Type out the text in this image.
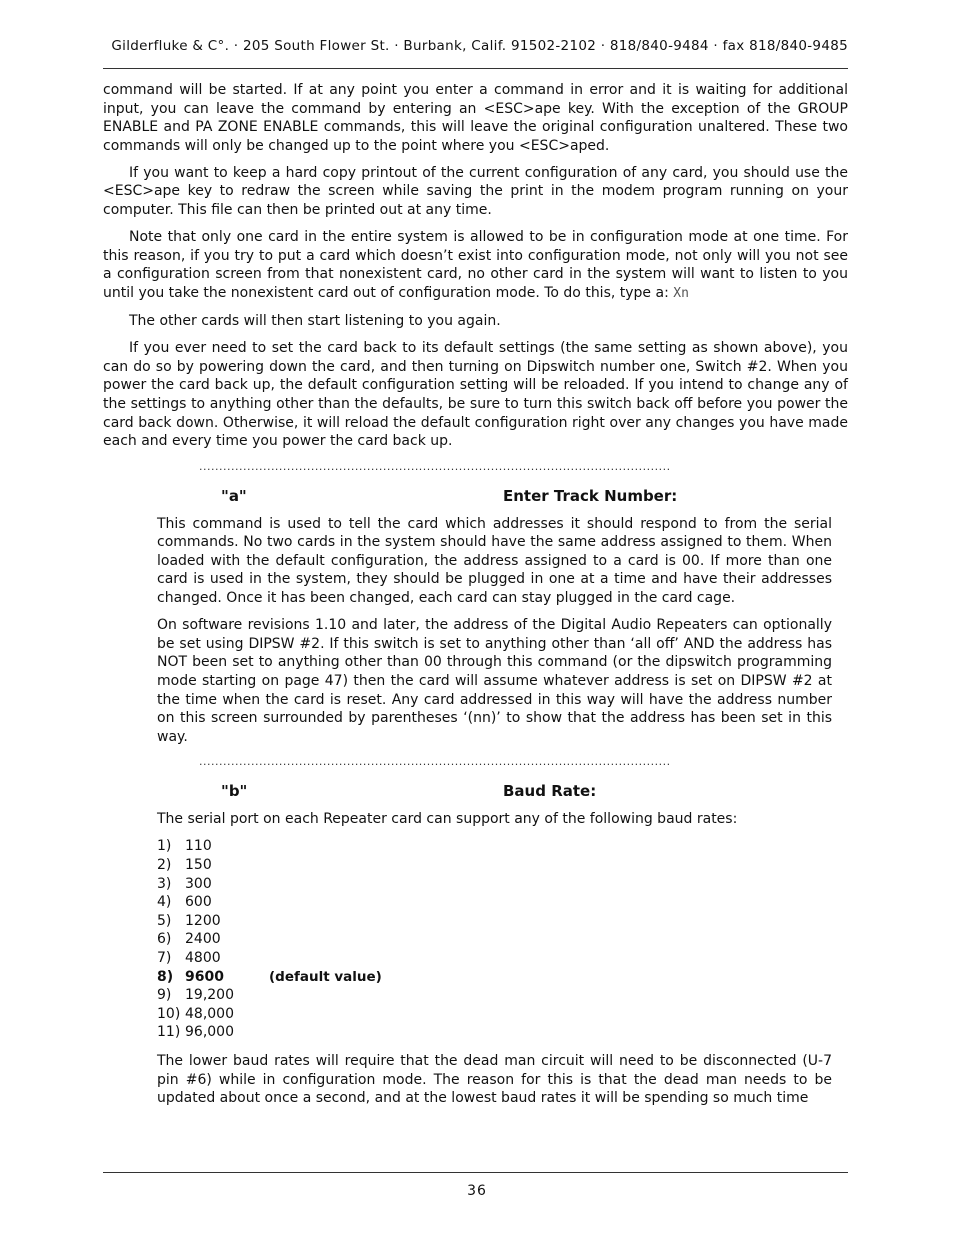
Gilderfluke & C°. · 205 South Flower St. · Burbank, Calif. 91502-2102 · 818/840-9484 · fax 818/840-9485

command will be started. If at any point you enter a command in error and it is waiting for additional input, you can leave the command by entering an <ESC>ape key. With the exception of the GROUP ENABLE and PA ZONE ENABLE commands, this will leave the original configuration unaltered. These two commands will only be changed up to the point where you <ESC>aped.

If you want to keep a hard copy printout of the current configuration of any card, you should use the <ESC>ape key to redraw the screen while saving the print in the modem program running on your computer. This file can then be printed out at any time.

Note that only one card in the entire system is allowed to be in configuration mode at one time. For this reason, if you try to put a card which doesn’t exist into configuration mode, not only will you not see a configuration screen from that nonexistent card, no other card in the system will want to listen to you until you take the nonexistent card out of configuration mode. To do this, type a: Xn

The other cards will then start listening to you again.

If you ever need to set the card back to its default settings (the same setting as shown above), you can do so by powering down the card, and then turning on Dipswitch number one, Switch #2. When you power the card back up, the default configuration setting will be reloaded. If you intend to change any of the settings to anything other than the defaults, be sure to turn this switch back off before you power the card back down. Otherwise, it will reload the default configuration right over any changes you have made each and every time you power the card back up.

......................................................................................................................
"a"	Enter Track Number:

This command is used to tell the card which addresses it should respond to from the serial commands. No two cards in the system should have the same address assigned to them. When loaded with the default configuration, the address assigned to a card is 00. If more than one card is used in the system, they should be plugged in one at a time and have their addresses changed. Once it has been changed, each card can stay plugged in the card cage.

On software revisions 1.10 and later, the address of the Digital Audio Repeaters can optionally be set using DIPSW #2. If this switch is set to anything other than ‘all off’ AND the address has NOT been set to anything other than 00 through this command (or the dipswitch programming mode starting on page 47) then the card will assume whatever address is set on DIPSW #2 at the time when the card is reset. Any card addressed in this way will have the address number on this screen surrounded by parentheses ‘(nn)’ to show that the address has been set in this way.

......................................................................................................................
"b"	Baud Rate:

The serial port on each Repeater card can support any of the following baud rates:

1) 110
2) 150
3) 300
4) 600
5) 1200
6) 2400
7) 4800
8) 9600	(default value)
9) 19,200
10) 48,000
11) 96,000

The lower baud rates will require that the dead man circuit will need to be disconnected (U-7 pin #6) while in configuration mode. The reason for this is that the dead man needs to be updated about once a second, and at the lowest baud rates it will be spending so much time

36
